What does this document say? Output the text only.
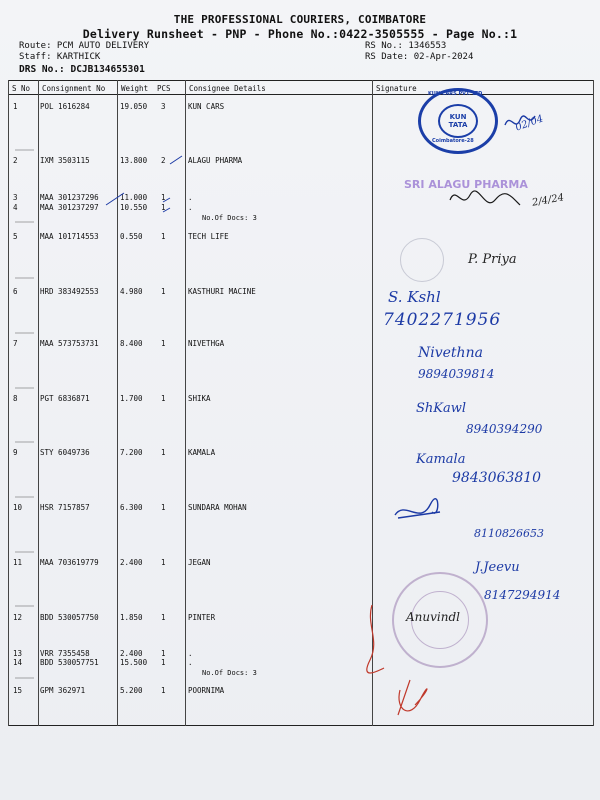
THE PROFESSIONAL COURIERS, COIMBATORE
Delivery Runsheet - PNP - Phone No.:0422-3505555 - Page No.:1
Route: PCM AUTO DELIVERY
Staff: KARTHICK
DRS No.: DCJB134655301
RS No.: 1346553
RS Date: 02-Apr-2024
S No Consignment No Weight PCS Consignee Details	Signature
1	POL 1616284	19.050 3	KUN CARS
2	IXM 3503115	13.800 2	ALAGU PHARMA
3	MAA 301237296	11.000 1	.
4	MAA 301237297	10.550 1	.
No.Of Docs: 3
5	MAA 101714553	0.550 1	TECH LIFE
6	HRD 383492553	4.980 1	KASTHURI MACINE
7	MAA 573753731	8.400 1	NIVETHGA
8	PGT 6836871	1.700 1	SHIKA
9	STY 6049736	7.200 1	KAMALA
10 HSR 7157857	6.300 1	SUNDARA MOHAN
11 MAA 703619779	2.400 1	JEGAN
12 BDD 530057750	1.850 1	PINTER
13 VRR 7355458	2.400 1	.
14 BDD 530057751	15.500 1	.
No.Of Docs: 3
15 GPM 362971	5.200 1	POORNIMA
KUN
TATA
KUN CARS PVT. LTD
Coimbatore-28
SRI ALAGU PHARMA
02/04
2/4/24
P. Priya
S. Kshl
7402271956
Nivethna
9894039814
ShKawl
8940394290
Kamala
9843063810
8110826653
J.Jeevu
8147294914
Anuvindl
